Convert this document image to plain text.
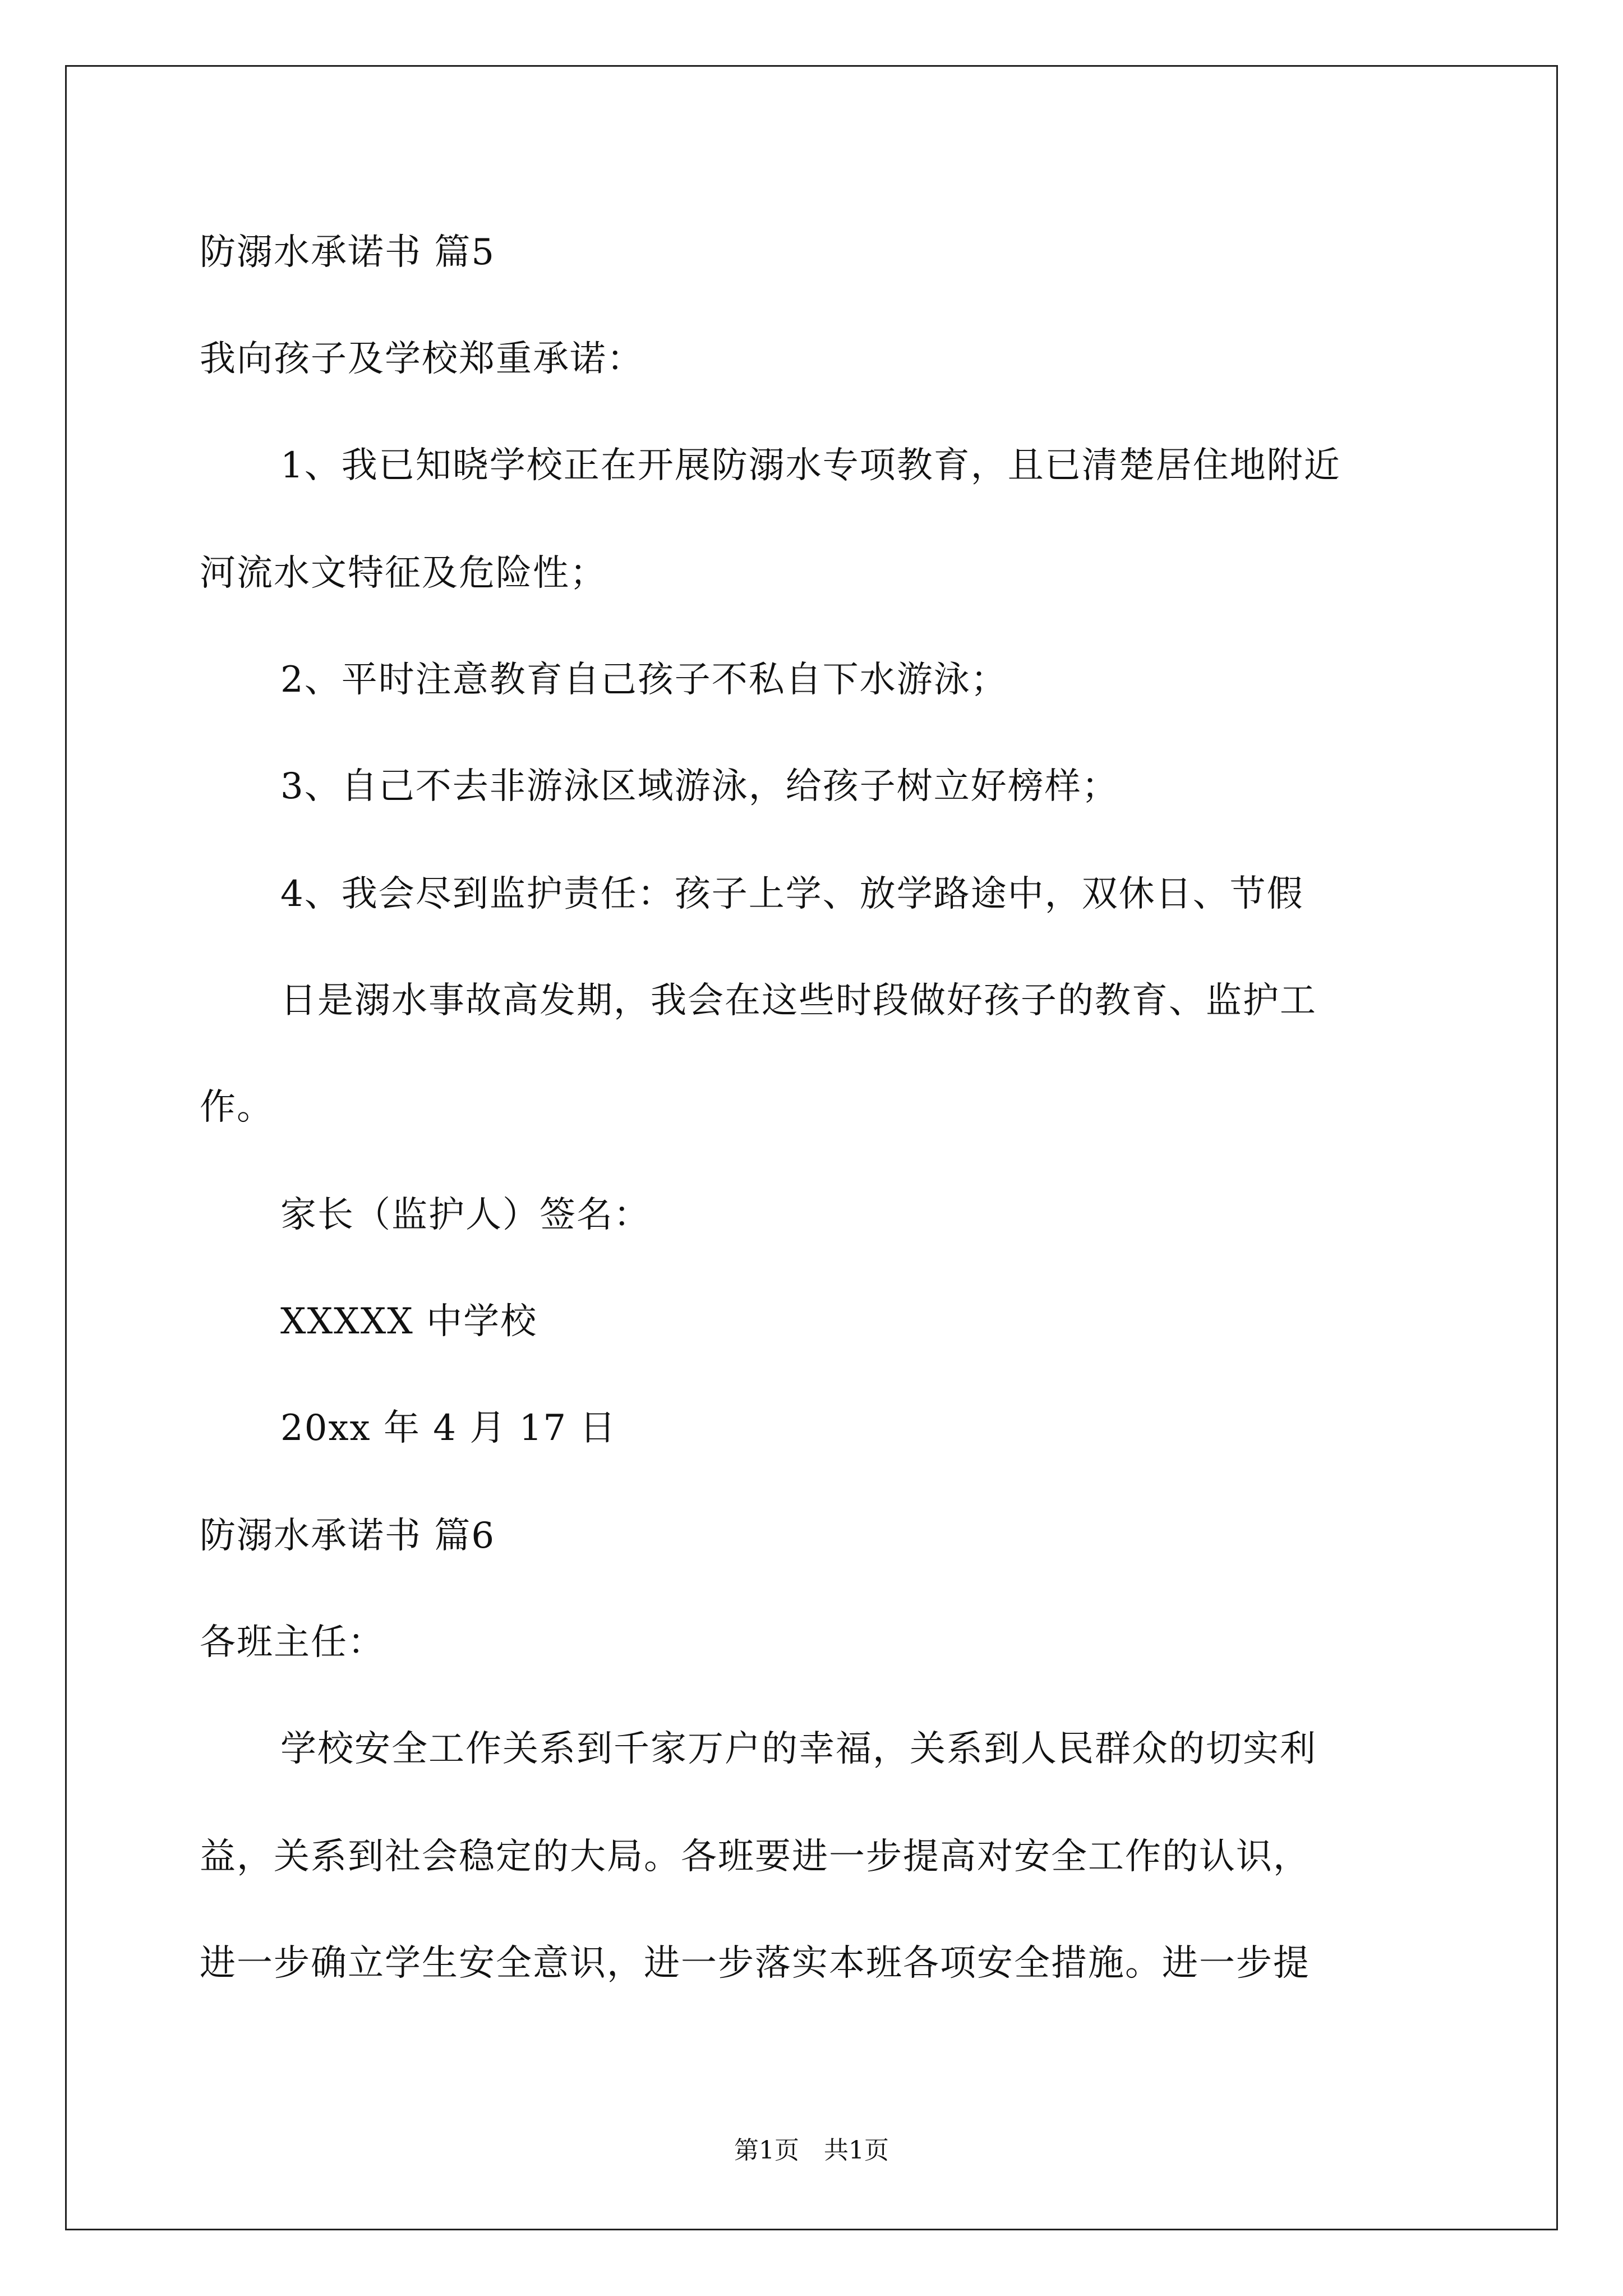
防溺水承诺书 篇5
我向孩子及学校郑重承诺：
1、我已知晓学校正在开展防溺水专项教育，且已清楚居住地附近
河流水文特征及危险性；
2、平时注意教育自己孩子不私自下水游泳；
3、自己不去非游泳区域游泳，给孩子树立好榜样；
4、我会尽到监护责任：孩子上学、放学路途中，双休日、节假
日是溺水事故高发期，我会在这些时段做好孩子的教育、监护工
作。
家长（监护人）签名：
XXXXX 中学校
20xx 年 4 月 17 日
防溺水承诺书 篇6
各班主任：
学校安全工作关系到千家万户的幸福，关系到人民群众的切实利
益，关系到社会稳定的大局。各班要进一步提高对安全工作的认识，
进一步确立学生安全意识，进一步落实本班各项安全措施。进一步提
第1页　共1页
